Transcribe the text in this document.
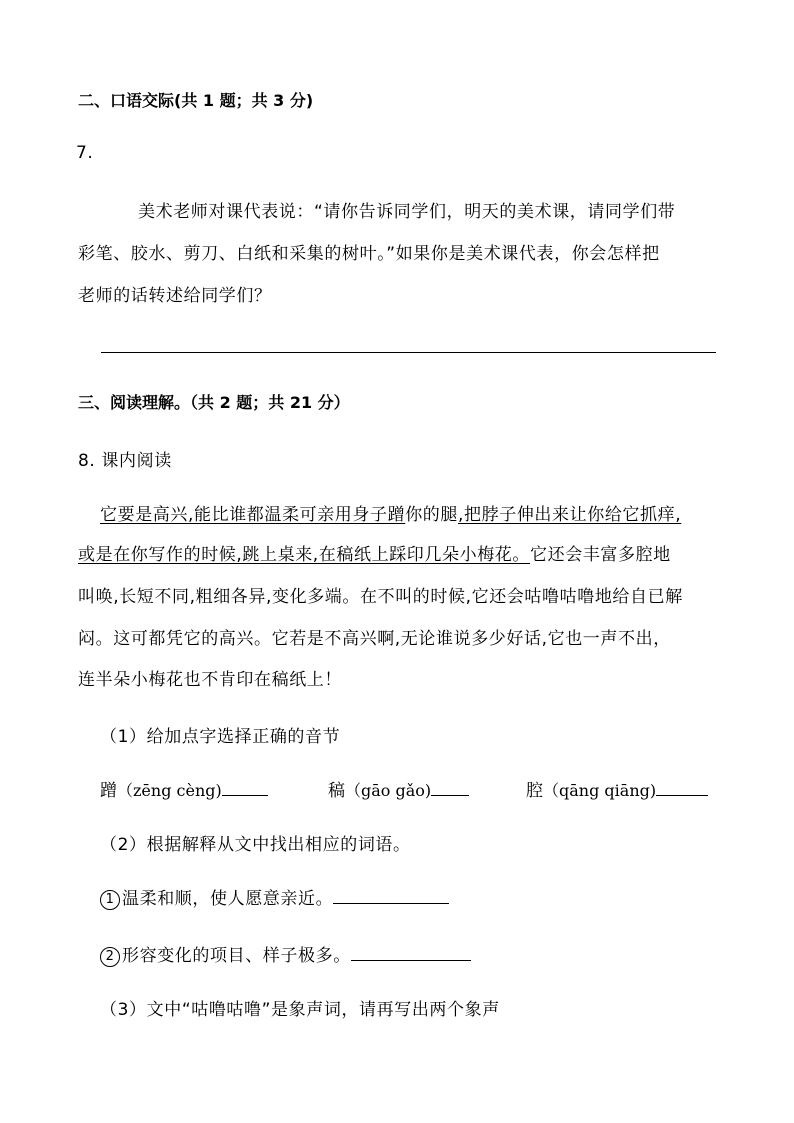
二、口语交际(共 1 题；共 3 分)
7.
美术老师对课代表说：“请你告诉同学们，明天的美术课，请同学们带
彩笔、胶水、剪刀、白纸和采集的树叶。”如果你是美术课代表，你会怎样把
老师的话转述给同学们？
三、阅读理解。（共 2 题；共 21 分）
8. 课内阅读
它要是高兴,能比谁都温柔可亲用身子蹭你的腿,把脖子伸出来让你给它抓痒,
或是在你写作的时候,跳上桌来,在稿纸上踩印几朵小梅花。它还会丰富多腔地
叫唤,长短不同,粗细各异,变化多端。在不叫的时候,它还会咕噜咕噜地给自已解
闷。这可都凭它的高兴。它若是不高兴啊,无论谁说多少好话,它也一声不出，
连半朵小梅花也不肯印在稿纸上！
（1）给加点字选择正确的音节
蹭（zēng cèng)	稿（gāo gǎo)	腔（qāng qiāng)
（2）根据解释从文中找出相应的词语。
1 温柔和顺，使人愿意亲近。
2 形容变化的项目、样子极多。
（3）文中“咕噜咕噜”是象声词，请再写出两个象声
